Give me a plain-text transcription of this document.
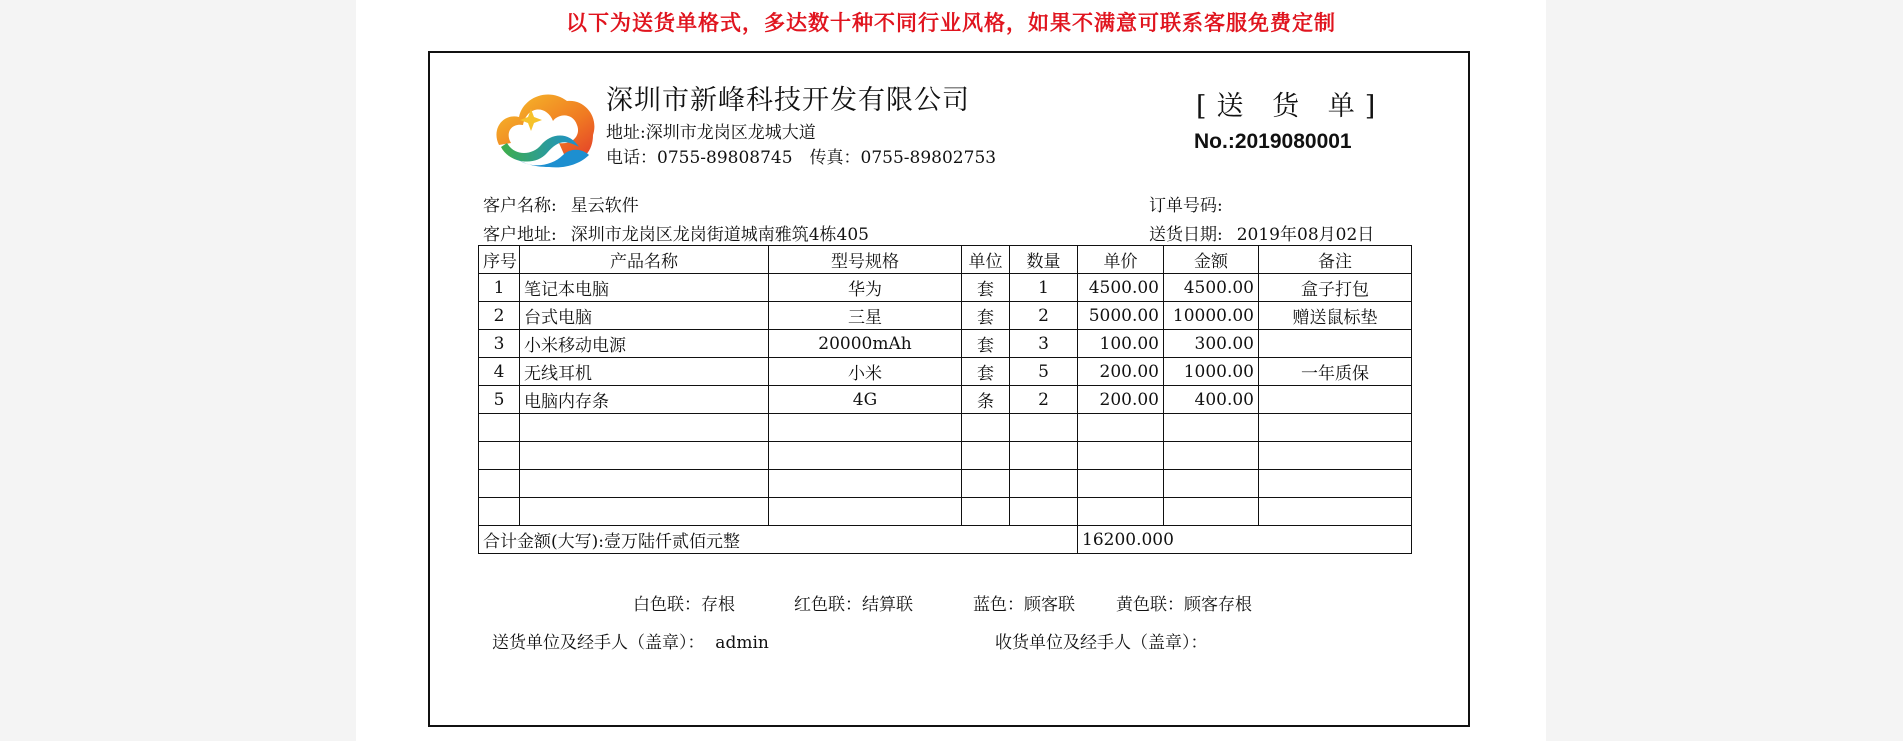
以下为送货单格式，多达数十种不同行业风格，如果不满意可联系客服免费定制
深圳市新峰科技开发有限公司
地址:深圳市龙岗区龙城大道
电话：0755-89808745　传真：0755-89802753
[送 货 单]
No.:2019080001
客户名称: 星云软件
客户地址: 深圳市龙岗区龙岗街道城南雅筑4栋405
订单号码:
送货日期: 2019年08月02日
序号	产品名称	型号规格	单位	数量	单价	金额	备注
1	笔记本电脑	华为	套	1	4500.00	4500.00	盒子打包
2	台式电脑	三星	套	2	5000.00	10000.00	赠送鼠标垫
3	小米移动电源	20000mAh	套	3	100.00	300.00	
4	无线耳机	小米	套	5	200.00	1000.00	一年质保
5	电脑内存条	4G	条	2	200.00	400.00	

合计金额(大写):壹万陆仟贰佰元整					16200.000		
白色联：存根	红色联：结算联	蓝色：顾客联 黄色联：顾客存根
送货单位及经手人（盖章）：  admin	收货单位及经手人（盖章）：
